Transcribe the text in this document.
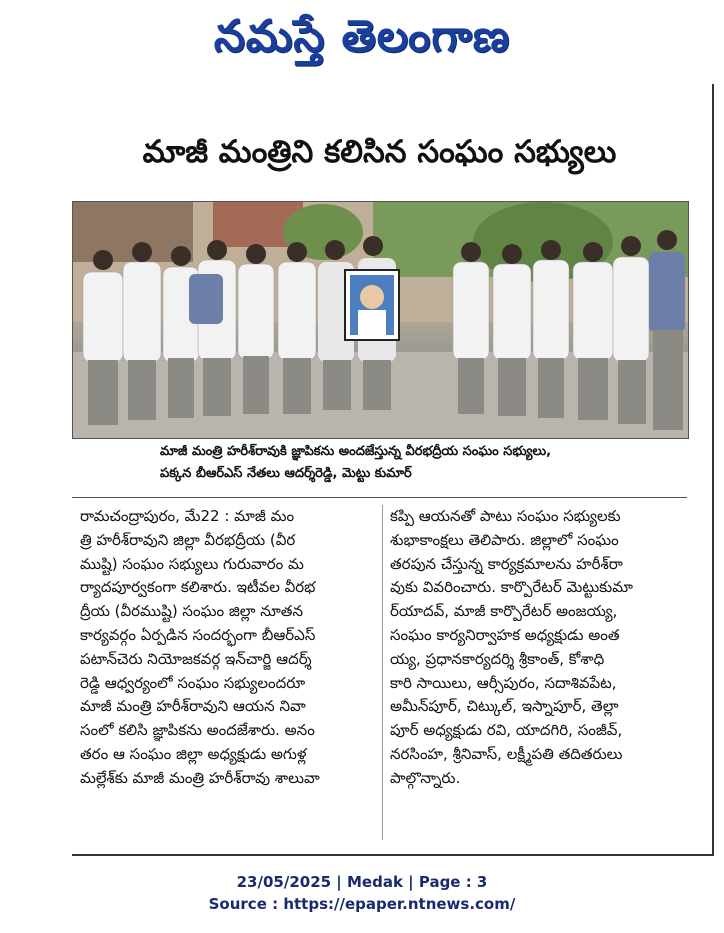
నమస్తే తెలంగాణ
మాజీ మంత్రిని కలిసిన సంఘం సభ్యులు
మాజీ మంత్రి హరీశ్‌రావుకి జ్ఞాపికను అందజేస్తున్న వీరభద్రీయ సంఘం సభ్యులు,
పక్కన బీఆర్‌ఎస్ నేతలు ఆదర్శ్‌రెడ్డి, మెట్టు కుమార్
రామచంద్రాపురం, మే22 : మాజీ మం
త్రి హరీశ్‌రావుని జిల్లా వీరభద్రీయ (వీర
ముష్టి) సంఘం సభ్యులు గురువారం మ
ర్యాదపూర్వకంగా కలిశారు. ఇటీవల వీరభ
ద్రీయ (వీరముష్టి) సంఘం జిల్లా నూతన
కార్యవర్గం ఏర్పడిన సందర్భంగా బీఆర్‌ఎస్
పటాన్‌చెరు నియోజకవర్గ ఇన్‌చార్జి ఆదర్శ్
రెడ్డి ఆధ్వర్యంలో సంఘం సభ్యులందరూ
మాజీ మంత్రి హరీశ్‌రావుని ఆయన నివా
సంలో కలిసి జ్ఞాపికను అందజేశారు. అనం
తరం ఆ సంఘం జిల్లా అధ్యక్షుడు అగుళ్ల
మల్లేశ్‌కు మాజీ మంత్రి హరీశ్‌రావు శాలువా
కప్పి ఆయనతో పాటు సంఘం సభ్యులకు
శుభాకాంక్షలు తెలిపారు. జిల్లాలో సంఘం
తరపున చేస్తున్న కార్యక్రమాలను హరీశ్‌రా
వుకు వివరించారు. కార్పొరేటర్ మెట్టుకుమా
ర్‌యాదవ్, మాజీ కార్పొరేటర్ అంజయ్య,
సంఘం కార్యనిర్వాహక అధ్యక్షుడు అంత
య్య, ప్రధానకార్యదర్శి శ్రీకాంత్, కోశాధి
కారి సాయిలు, ఆర్సీపురం, సదాశివపేట,
అమీన్‌పూర్, చిట్కుల్, ఇస్నాపూర్, తెల్లా
పూర్ అధ్యక్షుడు రవి, యాదగిరి, సంజీవ్,
నరసింహ, శ్రీనివాస్, లక్ష్మీపతి తదితరులు
పాల్గొన్నారు.
23/05/2025 | Medak | Page : 3
Source : https://epaper.ntnews.com/
